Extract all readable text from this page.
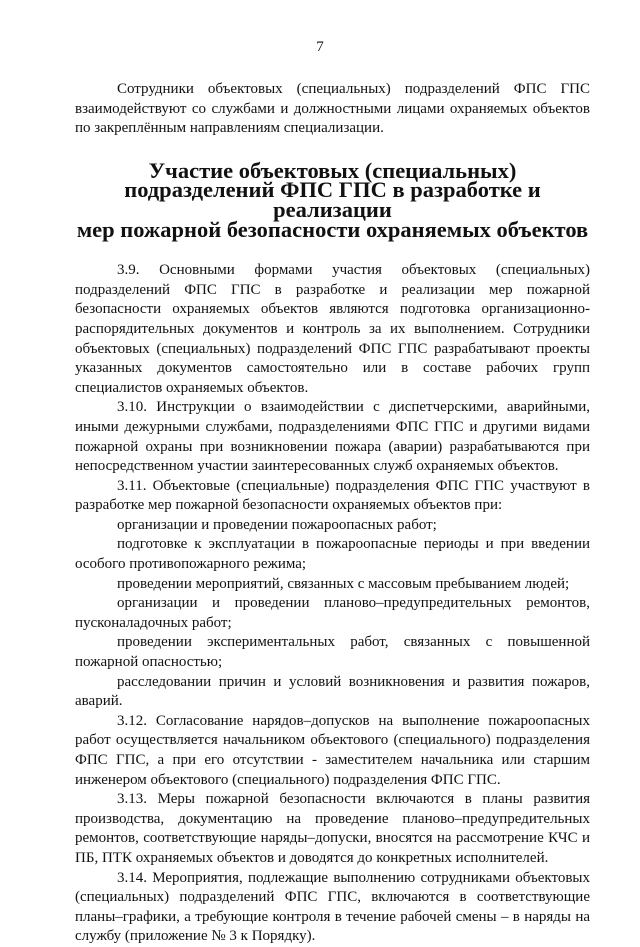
7

Сотрудники объектовых (специальных) подразделений ФПС ГПС взаимодействуют со службами и должностными лицами охраняемых объектов по закреплённым направлениям специализации.

Участие объектовых (специальных)
подразделений ФПС ГПС в разработке и реализации
мер пожарной безопасности охраняемых объектов

3.9. Основными формами участия объектовых (специальных) подразделений ФПС ГПС в разработке и реализации мер пожарной безопасности охраняемых объектов являются подготовка организационно-распорядительных документов и контроль за их выполнением. Сотрудники объектовых (специальных) подразделений ФПС ГПС разрабатывают проекты указанных документов самостоятельно или в составе рабочих групп специалистов охраняемых объектов.

3.10. Инструкции о взаимодействии с диспетчерскими, аварийными, иными дежурными службами, подразделениями ФПС ГПС и другими видами пожарной охраны при возникновении пожара (аварии) разрабатываются при непосредственном участии заинтересованных служб охраняемых объектов.

3.11. Объектовые (специальные) подразделения ФПС ГПС участвуют в разработке мер пожарной безопасности охраняемых объектов при:

организации и проведении пожароопасных работ;

подготовке к эксплуатации в пожароопасные периоды и при введении особого противопожарного режима;

проведении мероприятий, связанных с массовым пребыванием людей;

организации и проведении планово–предупредительных ремонтов, пусконаладочных работ;

проведении экспериментальных работ, связанных с повышенной пожарной опасностью;

расследовании причин и условий возникновения и развития пожаров, аварий.

3.12. Согласование нарядов–допусков на выполнение пожароопасных работ осуществляется начальником объектового (специального) подразделения ФПС ГПС, а при его отсутствии - заместителем начальника или старшим инженером объектового (специального) подразделения ФПС ГПС.

3.13. Меры пожарной безопасности включаются в планы развития производства, документацию на проведение планово–предупредительных ремонтов, соответствующие наряды–допуски, вносятся на рассмотрение КЧС и ПБ, ПТК охраняемых объектов и доводятся до конкретных исполнителей.

3.14. Мероприятия, подлежащие выполнению сотрудниками объектовых (специальных) подразделений ФПС ГПС, включаются в соответствующие планы–графики, а требующие контроля в течение рабочей смены – в наряды на службу (приложение № 3 к Порядку).
